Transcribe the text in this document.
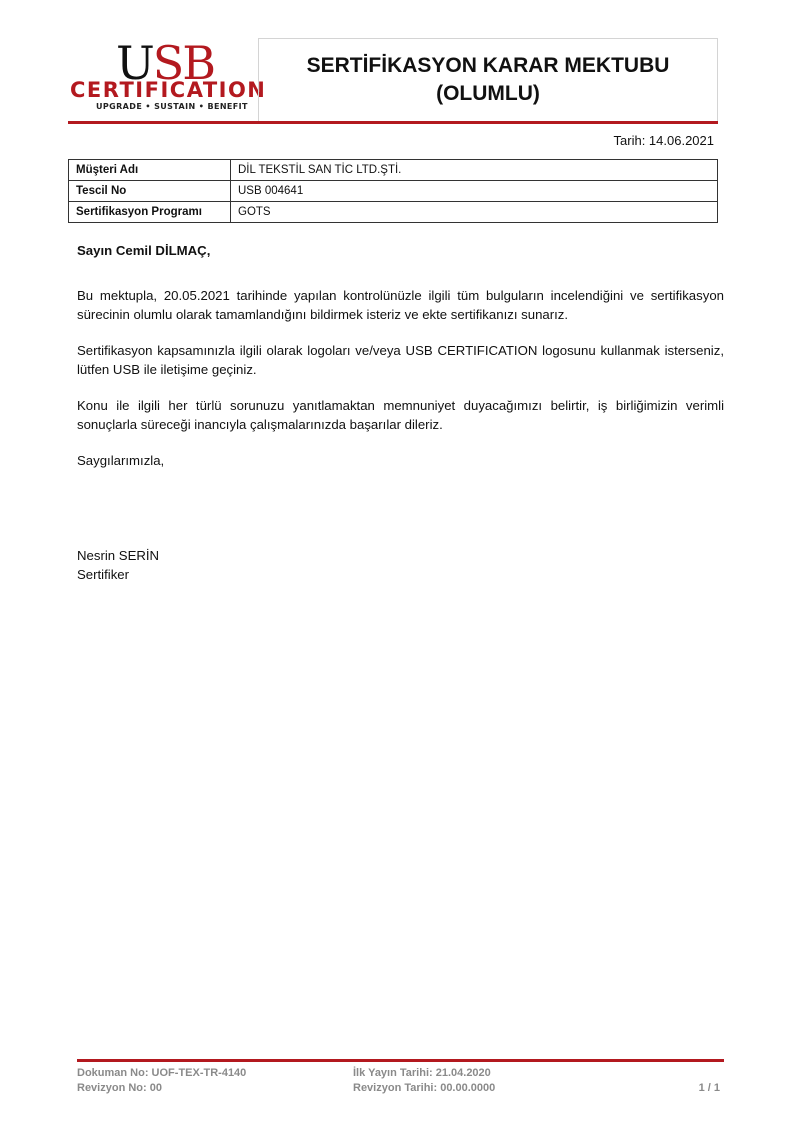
USB
CERTIFICATION
UPGRADE • SUSTAIN • BENEFIT
SERTİFİKASYON KARAR MEKTUBU
(OLUMLU)
Tarih: 14.06.2021
Müşteri Adı	DİL TEKSTİL SAN TİC LTD.ŞTİ.
Tescil No	USB 004641
Sertifikasyon Programı	GOTS

Sayın Cemil DİLMAÇ,

Bu mektupla, 20.05.2021 tarihinde yapılan kontrolünüzle ilgili tüm bulguların incelendiğini ve sertifikasyon sürecinin olumlu olarak tamamlandığını bildirmek isteriz ve ekte sertifikanızı sunarız.

Sertifikasyon kapsamınızla ilgili olarak logoları ve/veya USB CERTIFICATION logosunu kullanmak isterseniz, lütfen USB ile iletişime geçiniz.

Konu ile ilgili her türlü sorunuzu yanıtlamaktan memnuniyet duyacağımızı belirtir, iş birliğimizin verimli sonuçlarla süreceği inancıyla çalışmalarınızda başarılar dileriz.

Saygılarımızla,

Nesrin SERİN
Sertifiker
Dokuman No: UOF-TEX-TR-4140
Revizyon No: 00
İlk Yayın Tarihi: 21.04.2020
Revizyon Tarihi: 00.00.0000	1 / 1
